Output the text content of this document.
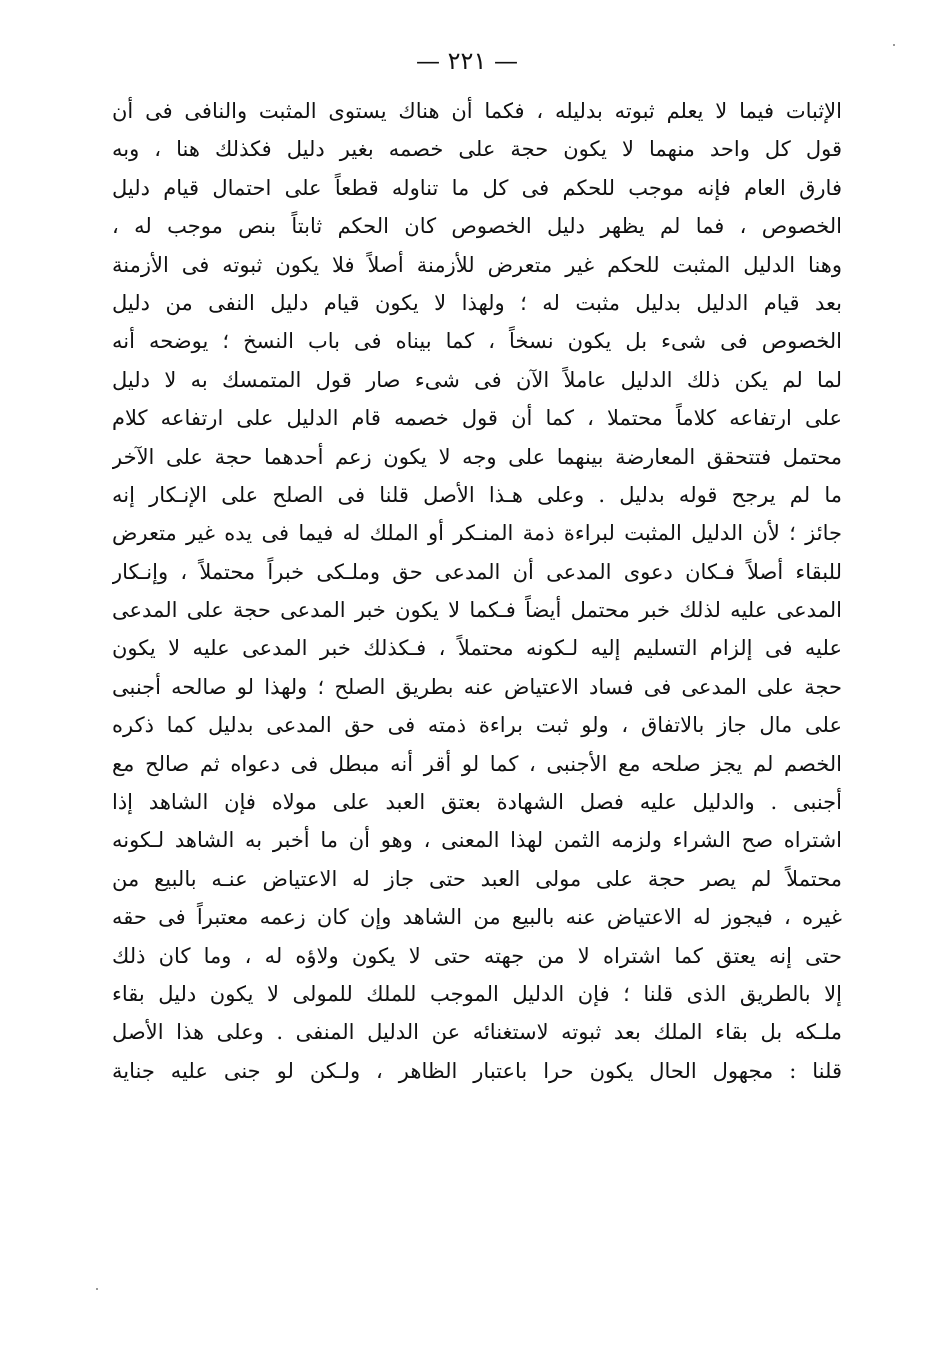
— ٢٢١ —
الإثبات فيما لا يعلم ثبوته بدليله ، فكما أن هناك يستوى المثبت والنافى فى أن
قول كل واحد منهما لا يكون حجة على خصمه بغير دليل فكذلك هنا ، وبه
فارق العام فإنه موجب للحكم فى كل ما تناوله قطعاً على احتمال قيام دليل
الخصوص ، فما لم يظهر دليل الخصوص كان الحكم ثابتاً بنص موجب له ،
وهنا الدليل المثبت للحكم غير متعرض للأزمنة أصلاً فلا يكون ثبوته فى الأزمنة
بعد قيام الدليل بدليل مثبت له ؛ ولهذا لا يكون قيام دليل النفى من دليل
الخصوص فى شىء بل يكون نسخاً ، كما بيناه فى باب النسخ ؛ يوضحه أنه
لما لم يكن ذلك الدليل عاملاً الآن فى شىء صار قول المتمسك به لا دليل
على ارتفاعه كلاماً محتملا ، كما أن قول خصمه قام الدليل على ارتفاعه كلام
محتمل فتتحقق المعارضة بينهما على وجه لا يكون زعم أحدهما حجة على الآخر
ما لم يرجح قوله بدليل . وعلى هـذا الأصل قلنا فى الصلح على الإنـكار إنه
جائز ؛ لأن الدليل المثبت لبراءة ذمة المنـكر أو الملك له فيما فى يده غير متعرض
للبقاء أصلاً فـكان دعوى المدعى أن المدعى حق وملـكى خبراً محتملاً ، وإنـكار
المدعى عليه لذلك خبر محتمل أيضاً فـكما لا يكون خبر المدعى حجة على المدعى
عليه فى إلزام التسليم إليه لـكونه محتملاً ، فـكذلك خبر المدعى عليه لا يكون
حجة على المدعى فى فساد الاعتياض عنه بطريق الصلح ؛ ولهذا لو صالحه أجنبى
على مال جاز بالاتفاق ، ولو ثبت براءة ذمته فى حق المدعى بدليل كما ذكره
الخصم لم يجز صلحه مع الأجنبى ، كما لو أقر أنه مبطل فى دعواه ثم صالح مع
أجنبى . والدليل عليه فصل الشهادة بعتق العبد على مولاه فإن الشاهد إذا
اشتراه صح الشراء ولزمه الثمن لهذا المعنى ، وهو أن ما أخبر به الشاهد لـكونه
محتملاً لم يصر حجة على مولى العبد حتى جاز له الاعتياض عنـه بالبيع من
غيره ، فيجوز له الاعتياض عنه بالبيع من الشاهد وإن كان زعمه معتبراً فى حقه
حتى إنه يعتق كما اشتراه لا من جهته حتى لا يكون ولاؤه له ، وما كان ذلك
إلا بالطريق الذى قلنا ؛ فإن الدليل الموجب للملك للمولى لا يكون دليل بقاء
ملـكه بل بقاء الملك بعد ثبوته لاستغنائه عن الدليل المنفى . وعلى هذا الأصل
قلنا : مجهول الحال يكون حرا باعتبار الظاهر ، ولـكن لو جنى عليه جناية
